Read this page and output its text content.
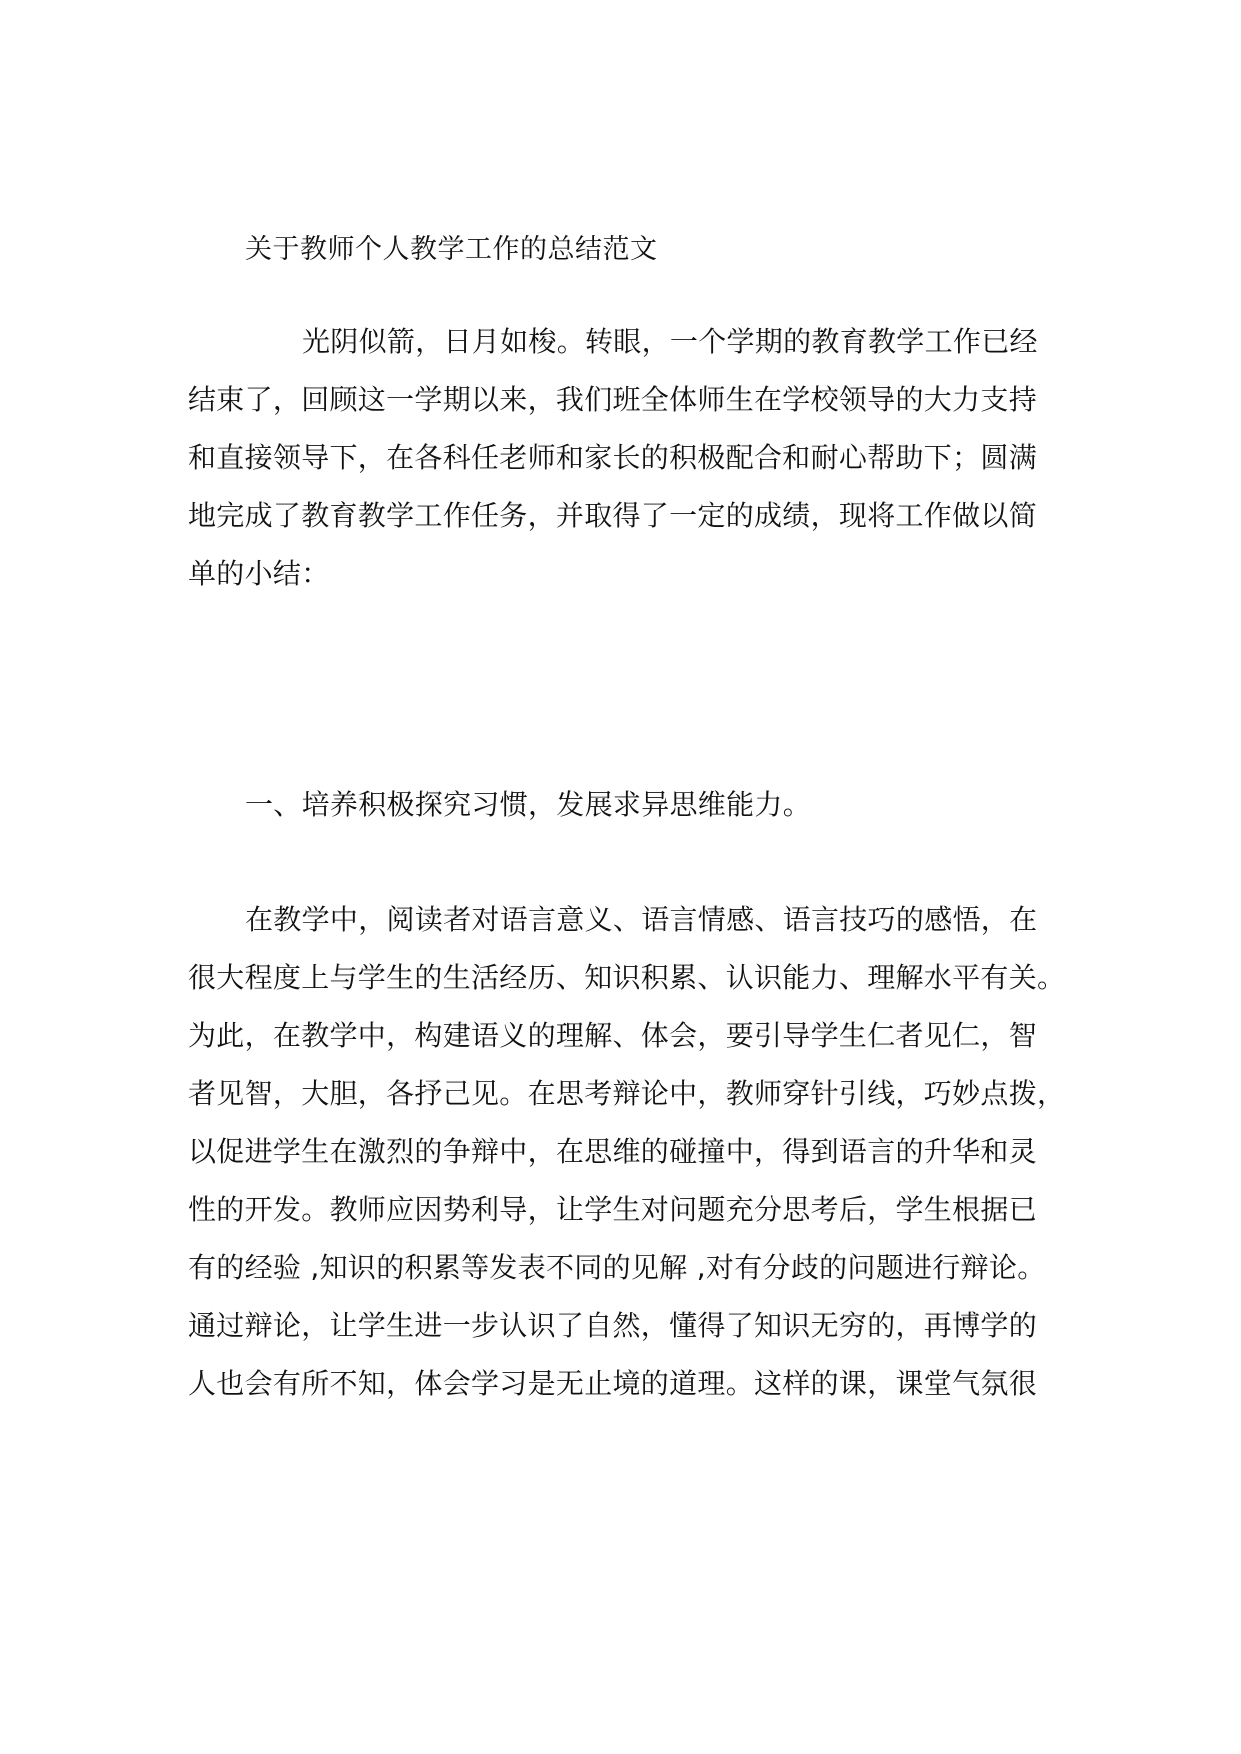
关于教师个人教学工作的总结范文
光阴似箭，日月如梭。转眼，一个学期的教育教学工作已经
结束了，回顾这一学期以来，我们班全体师生在学校领导的大力支持
和直接领导下，在各科任老师和家长的积极配合和耐心帮助下；圆满
地完成了教育教学工作任务，并取得了一定的成绩，现将工作做以简
单的小结：
一、培养积极探究习惯，发展求异思维能力。
在教学中，阅读者对语言意义、语言情感、语言技巧的感悟，在
很大程度上与学生的生活经历、知识积累、认识能力、理解水平有关。
为此，在教学中，构建语义的理解、体会，要引导学生仁者见仁，智
者见智，大胆，各抒己见。在思考辩论中，教师穿针引线，巧妙点拨，
以促进学生在激烈的争辩中，在思维的碰撞中，得到语言的升华和灵
性的开发。教师应因势利导，让学生对问题充分思考后，学生根据已
有的经验 ,知识的积累等发表不同的见解 ,对有分歧的问题进行辩论。
通过辩论，让学生进一步认识了自然，懂得了知识无穷的，再博学的
人也会有所不知，体会学习是无止境的道理。这样的课，课堂气氛很
